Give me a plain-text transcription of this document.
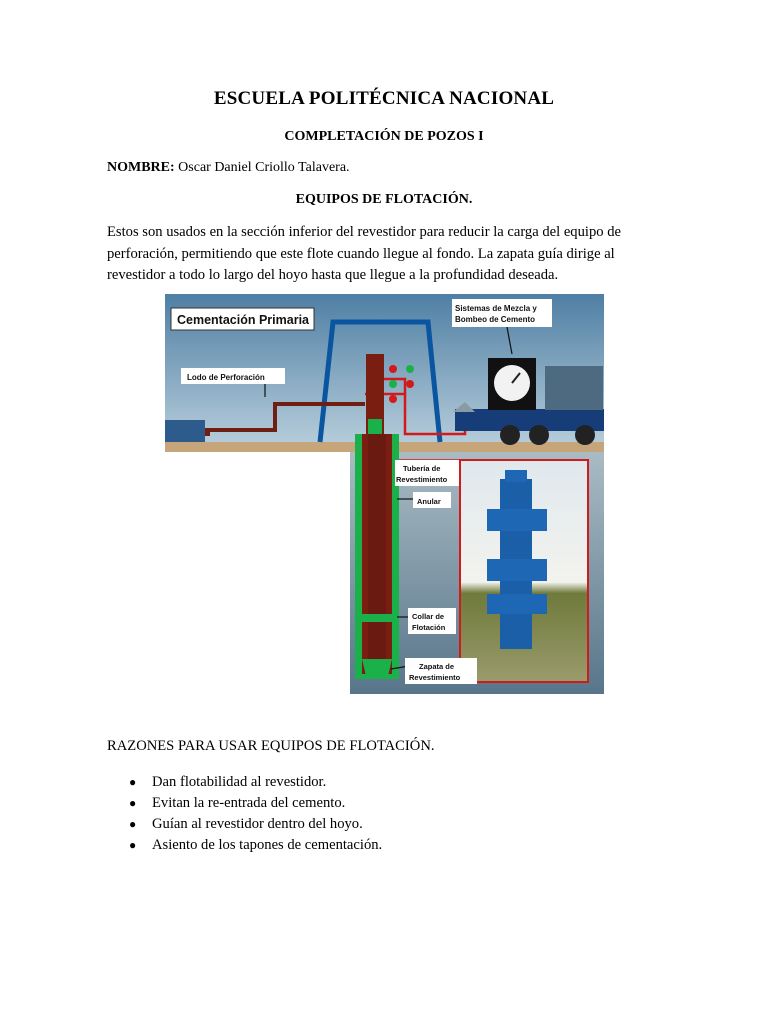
ESCUELA POLITÉCNICA NACIONAL
COMPLETACIÓN DE POZOS I
NOMBRE: Oscar Daniel Criollo Talavera.
EQUIPOS DE FLOTACIÓN.
Estos son usados en la sección inferior del revestidor para reducir la carga del equipo de perforación, permitiendo que este flote cuando llegue al fondo. La zapata guía dirige al revestidor a todo lo largo del hoyo hasta que llegue a la profundidad deseada.
Cementación Primaria
Sistemas de Mezcla y
Bombeo de Cemento
Lodo de Perforación
Tubería de
Revestimiento
Anular
Collar de
Flotación
Zapata de
Revestimiento
RAZONES PARA USAR EQUIPOS DE FLOTACIÓN.
● Dan flotabilidad al revestidor.
● Evitan la re-entrada del cemento.
● Guían al revestidor dentro del hoyo.
● Asiento de los tapones de cementación.
